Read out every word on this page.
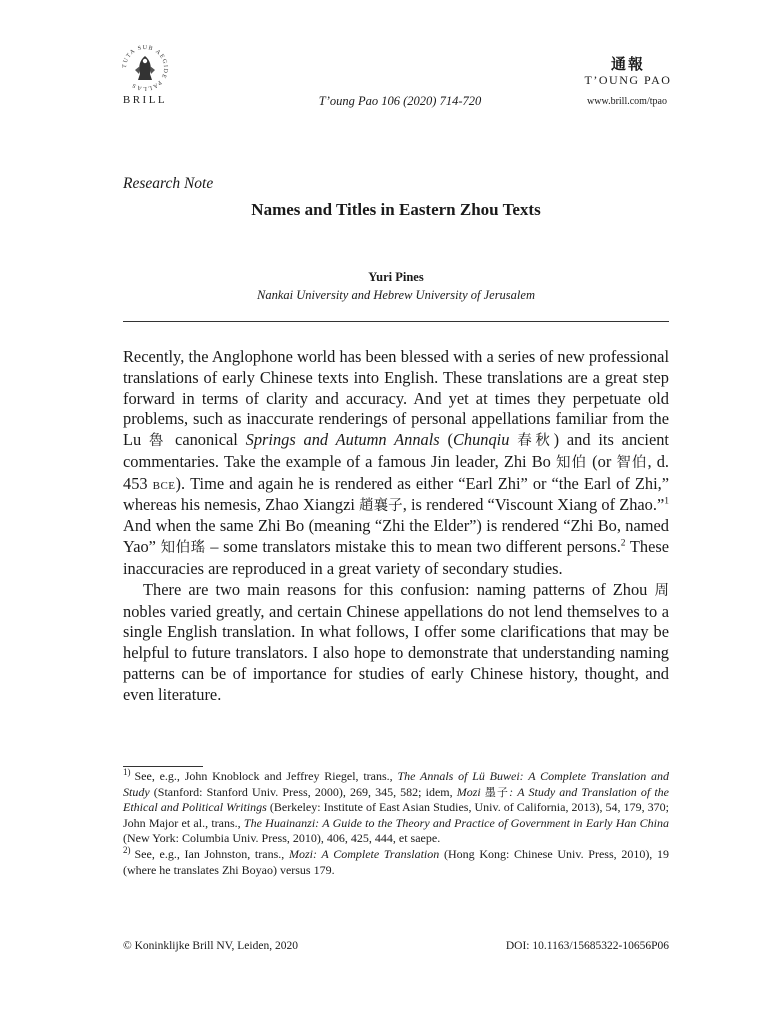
TUTA SUB AEGIDE PALLAS
BRILL	T’oung Pao 106 (2020) 714-720
通報
T’OUNG PAO
www.brill.com/tpao
Research Note
Names and Titles in Eastern Zhou Texts
Yuri Pines
Nankai University and Hebrew University of Jerusalem

Recently, the Anglophone world has been blessed with a series of new professional translations of early Chinese texts into English. These translations are a great step forward in terms of clarity and accuracy. And yet at times they perpetuate old problems, such as inaccurate renderings of personal appellations familiar from the Lu 魯 canonical Springs and Autumn Annals (Chunqiu 春秋) and its ancient commentaries. Take the example of a famous Jin leader, Zhi Bo 知伯 (or 智伯, d. 453 bce). Time and again he is rendered as either “Earl Zhi” or “the Earl of Zhi,” whereas his nemesis, Zhao Xiangzi 趙襄子, is rendered “Viscount Xiang of Zhao.”$^1$ And when the same Zhi Bo (meaning “Zhi the Elder”) is rendered “Zhi Bo, named Yao” 知伯瑤 – some translators mistake this to mean two different persons.$^2$ These inaccuracies are reproduced in a great variety of secondary studies.

There are two main reasons for this confusion: naming patterns of Zhou 周 nobles varied greatly, and certain Chinese appellations do not lend themselves to a single English translation. In what follows, I offer some clarifications that may be helpful to future translators. I also hope to demonstrate that understanding naming patterns can be of importance for studies of early Chinese history, thought, and even literature.

$^{1)}$ See, e.g., John Knoblock and Jeffrey Riegel, trans., The Annals of Lü Buwei: A Complete Translation and Study (Stanford: Stanford Univ. Press, 2000), 269, 345, 582; idem, Mozi 墨子: A Study and Translation of the Ethical and Political Writings (Berkeley: Institute of East Asian Studies, Univ. of California, 2013), 54, 179, 370; John Major et al., trans., The Huainanzi: A Guide to the Theory and Practice of Government in Early Han China (New York: Columbia Univ. Press, 2010), 406, 425, 444, et saepe.

$^{2)}$ See, e.g., Ian Johnston, trans., Mozi: A Complete Translation (Hong Kong: Chinese Univ. Press, 2010), 19 (where he translates Zhi Boyao) versus 179.

© Koninklijke Brill NV, Leiden, 2020	DOI: 10.1163/15685322-10656P06
